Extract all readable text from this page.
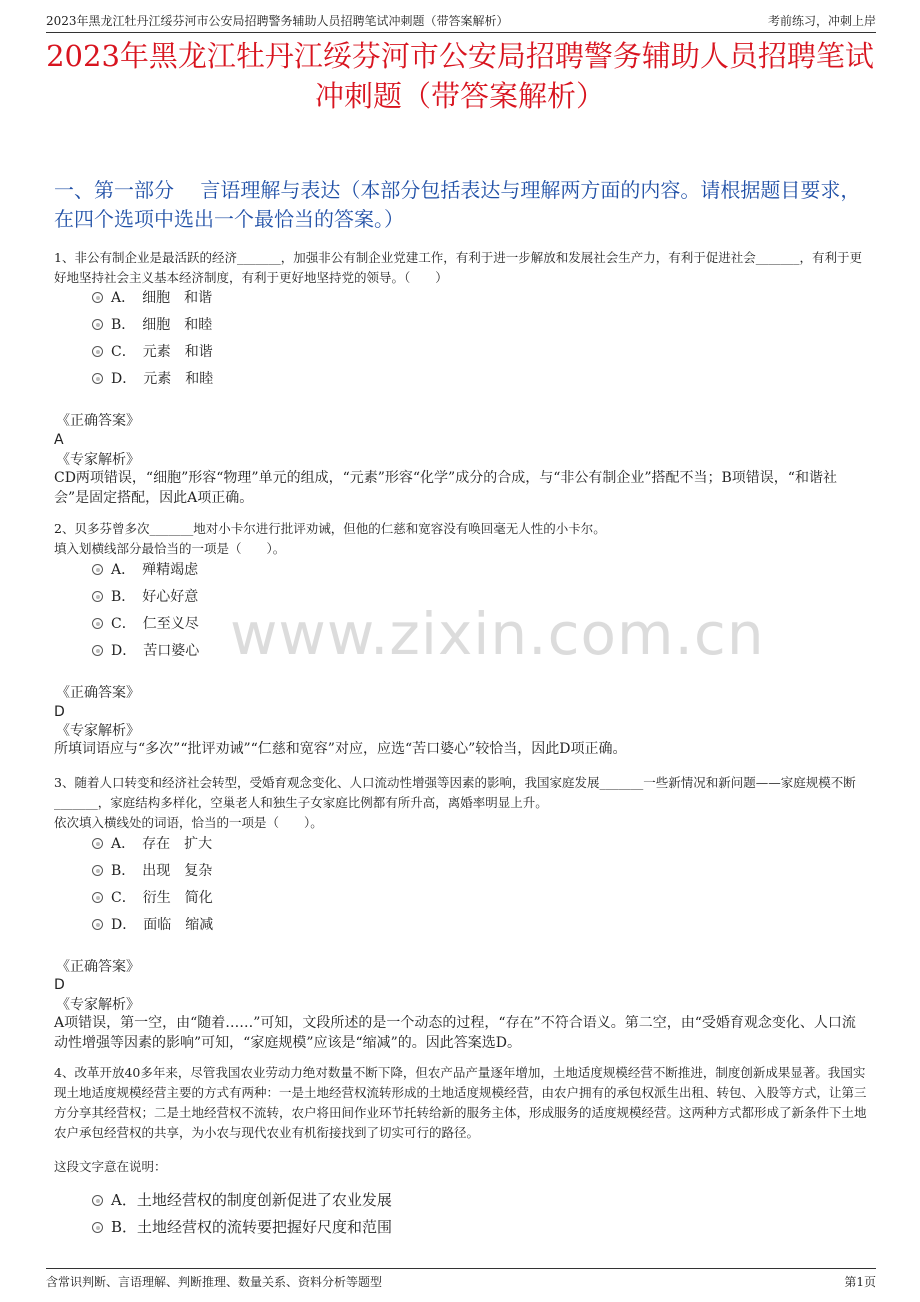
2023年黑龙江牡丹江绥芬河市公安局招聘警务辅助人员招聘笔试冲刺题（带答案解析）	考前练习，冲刺上岸
2023年黑龙江牡丹江绥芬河市公安局招聘警务辅助人员招聘笔试冲刺题（带答案解析）
一、第一部分　 言语理解与表达（本部分包括表达与理解两方面的内容。请根据题目要求，在四个选项中选出一个最恰当的答案。）
www.zixin.com.cn
1、非公有制企业是最活跃的经济_______，加强非公有制企业党建工作，有利于进一步解放和发展社会生产力，有利于促进社会_______，有利于更好地坚持社会主义基本经济制度，有利于更好地坚持党的领导。（　　）
A．　细胞　和谐
B．　细胞　和睦
C．　元素　和谐
D．　元素　和睦
《正确答案》
A
《专家解析》
CD两项错误，“细胞”形容“物理”单元的组成，“元素”形容“化学”成分的合成，与“非公有制企业”搭配不当；B项错误，“和谐社会”是固定搭配，因此A项正确。
2、贝多芬曾多次_______地对小卡尔进行批评劝诫，但他的仁慈和宽容没有唤回毫无人性的小卡尔。
填入划横线部分最恰当的一项是（　　）。
A．　殚精竭虑
B．　好心好意
C．　仁至义尽
D．　苦口婆心
《正确答案》
D
《专家解析》
所填词语应与“多次”“批评劝诫”“仁慈和宽容”对应，应选“苦口婆心”较恰当，因此D项正确。
3、随着人口转变和经济社会转型，受婚育观念变化、人口流动性增强等因素的影响，我国家庭发展_______一些新情况和新问题——家庭规模不断_______，家庭结构多样化，空巢老人和独生子女家庭比例都有所升高，离婚率明显上升。
依次填入横线处的词语，恰当的一项是（　　）。
A．　存在　扩大
B．　出现　复杂
C．　衍生　简化
D．　面临　缩减
《正确答案》
D
《专家解析》
A项错误，第一空，由“随着……”可知，文段所述的是一个动态的过程，“存在”不符合语义。第二空，由“受婚育观念变化、人口流动性增强等因素的影响”可知，“家庭规模”应该是“缩减”的。因此答案选D。
4、改革开放40多年来，尽管我国农业劳动力绝对数量不断下降，但农产品产量逐年增加，土地适度规模经营不断推进，制度创新成果显著。我国实现土地适度规模经营主要的方式有两种：一是土地经营权流转形成的土地适度规模经营，由农户拥有的承包权派生出租、转包、入股等方式，让第三方分享其经营权；二是土地经营权不流转，农户将田间作业环节托转给新的服务主体，形成服务的适度规模经营。这两种方式都形成了新条件下土地农户承包经营权的共享，为小农与现代农业有机衔接找到了切实可行的路径。
这段文字意在说明：
A．土地经营权的制度创新促进了农业发展
B．土地经营权的流转要把握好尺度和范围
含常识判断、言语理解、判断推理、数量关系、资料分析等题型	第1页
